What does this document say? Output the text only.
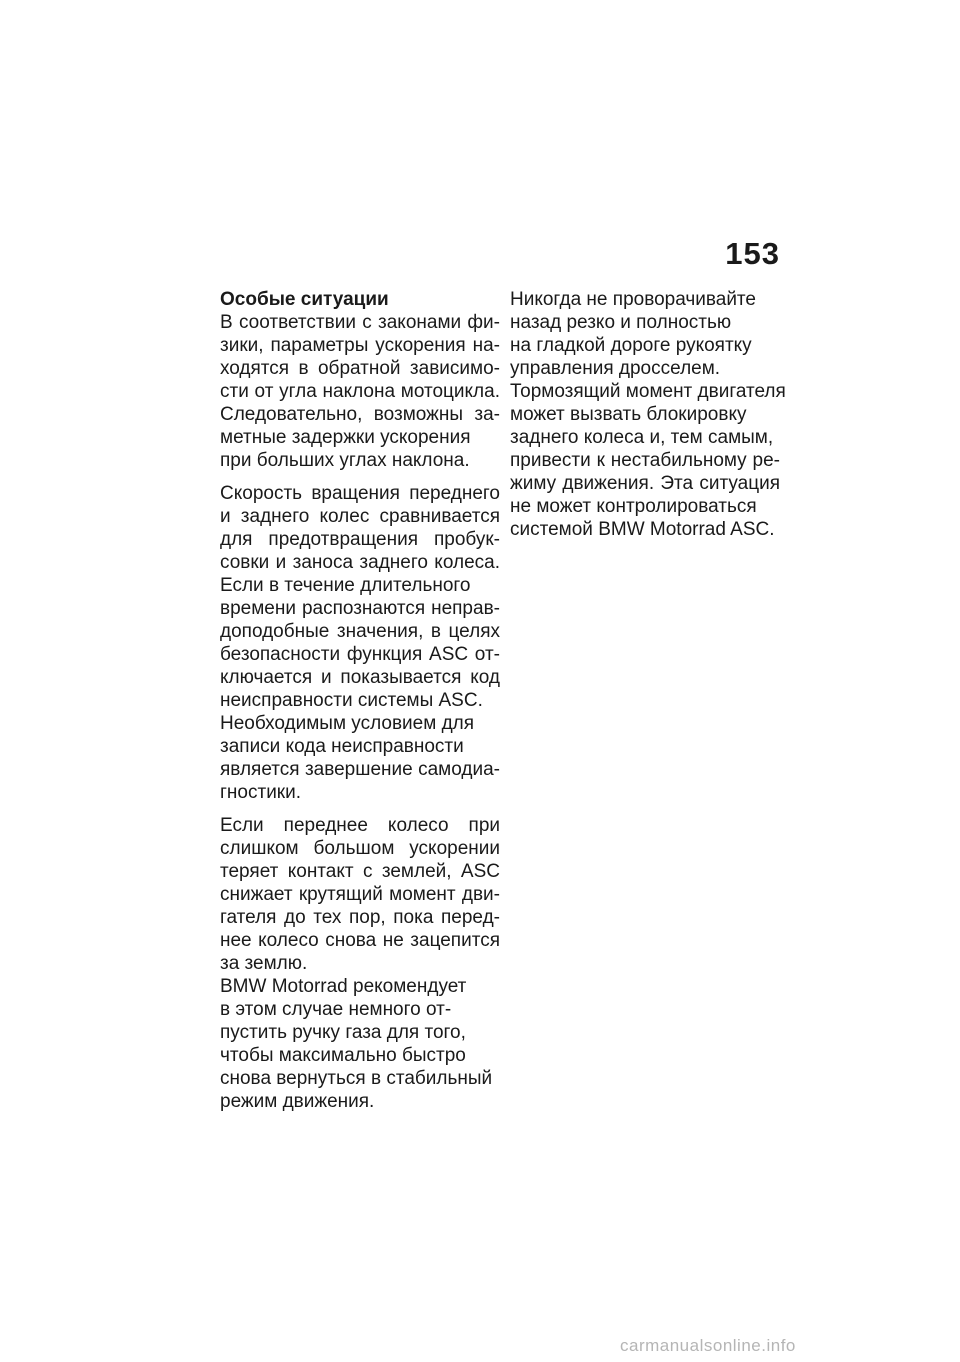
153
Особые ситуации
В соответствии с законами фи-
зики, параметры ускорения на-
ходятся в обратной зависимо-
сти от угла наклона мотоцикла.
Следовательно, возможны за-
метные задержки ускорения
при больших углах наклона.
Скорость вращения переднего
и заднего колес сравнивается
для предотвращения пробук-
совки и заноса заднего колеса.
Если в течение длительного
времени распознаются неправ-
доподобные значения, в целях
безопасности функция ASC от-
ключается и показывается код
неисправности системы ASC.
Необходимым условием для
записи кода неисправности
является завершение самодиа-
гностики.
Если переднее колесо при
слишком большом ускорении
теряет контакт с землей, ASC
снижает крутящий момент дви-
гателя до тех пор, пока перед-
нее колесо снова не зацепится
за землю.
BMW Motorrad рекомендует
в этом случае немного от-
пустить ручку газа для того,
чтобы максимально быстро
снова вернуться в стабильный
режим движения.
Никогда не проворачивайте
назад резко и полностью
на гладкой дороге рукоятку
управления дросселем.
Тормозящий момент двигателя
может вызвать блокировку
заднего колеса и, тем самым,
привести к нестабильному ре-
жиму движения. Эта ситуация
не может контролироваться
системой BMW Motorrad ASC.
carmanualsonline.info
